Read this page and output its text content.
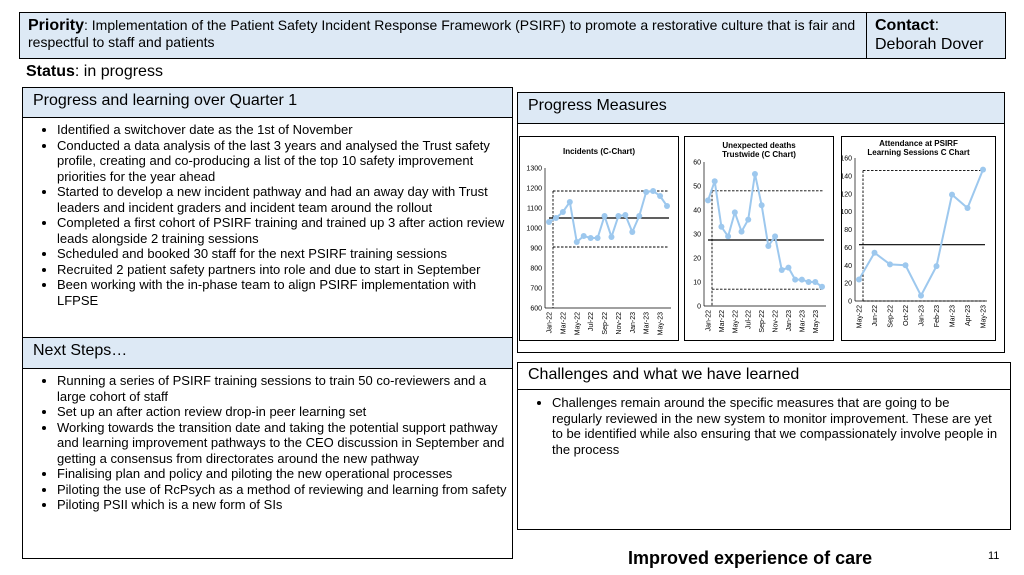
Priority: Implementation of the Patient Safety Incident Response Framework (PSIRF) to promote a restorative culture that is fair and respectful to staff and patients
Contact:
Deborah Dover
Status: in progress
Progress and learning over Quarter 1
• Identified a switchover date as the 1st of November
• Conducted a data analysis of the last 3 years and analysed the Trust safety profile, creating and co-producing a list of the top 10 safety improvement priorities for the year ahead
• Started to develop a new incident pathway and had an away day with Trust leaders and incident graders and incident team around the rollout
• Completed a first cohort of PSIRF training and trained up 3 after action review leads alongside 2 training sessions
• Scheduled and booked 30 staff for the next PSIRF training sessions
• Recruited 2 patient safety partners into role and due to start in September
• Been working with the in-phase team to align PSIRF implementation with LFPSE
Next Steps…
• Running a series of PSIRF training sessions to train 50 co-reviewers and a large cohort of staff
• Set up an after action review drop-in peer learning set
• Working towards the transition date and taking the potential support pathway and learning improvement pathways to the CEO discussion in September and getting a consensus from directorates around the new pathway
• Finalising plan and policy and piloting the new operational processes
• Piloting the use of RcPsych as a method of reviewing and learning from safety
• Piloting PSII which is a new form of SIs
Progress Measures
Incidents (C-Chart)
600
700
800
900
1000
1100
1200
1300
Jan-22 Mar-22 May-22 Jul-22 Sep-22 Nov-22 Jan-23 Mar-23 May-23
Unexpected deaths
Trustwide (C Chart)
0
10
20
30
40
50
60
Jan-22 Mar-22 May-22 Jul-22 Sep-22 Nov-22 Jan-23 Mar-23 May-23
Attendance at PSIRF
Learning Sessions C Chart
0
20
40
60
80
100
120
140
160
May-22 Jun-22 Sep-22 Oct-22 Jan-23 Feb-23 Mar-23 Apr-23 May-23
Challenges and what we have learned
• Challenges remain around the specific measures that are going to be regularly reviewed in the new system to monitor improvement. These are yet to be identified while also ensuring that we compassionately involve people in the process
Improved experience of care	11
